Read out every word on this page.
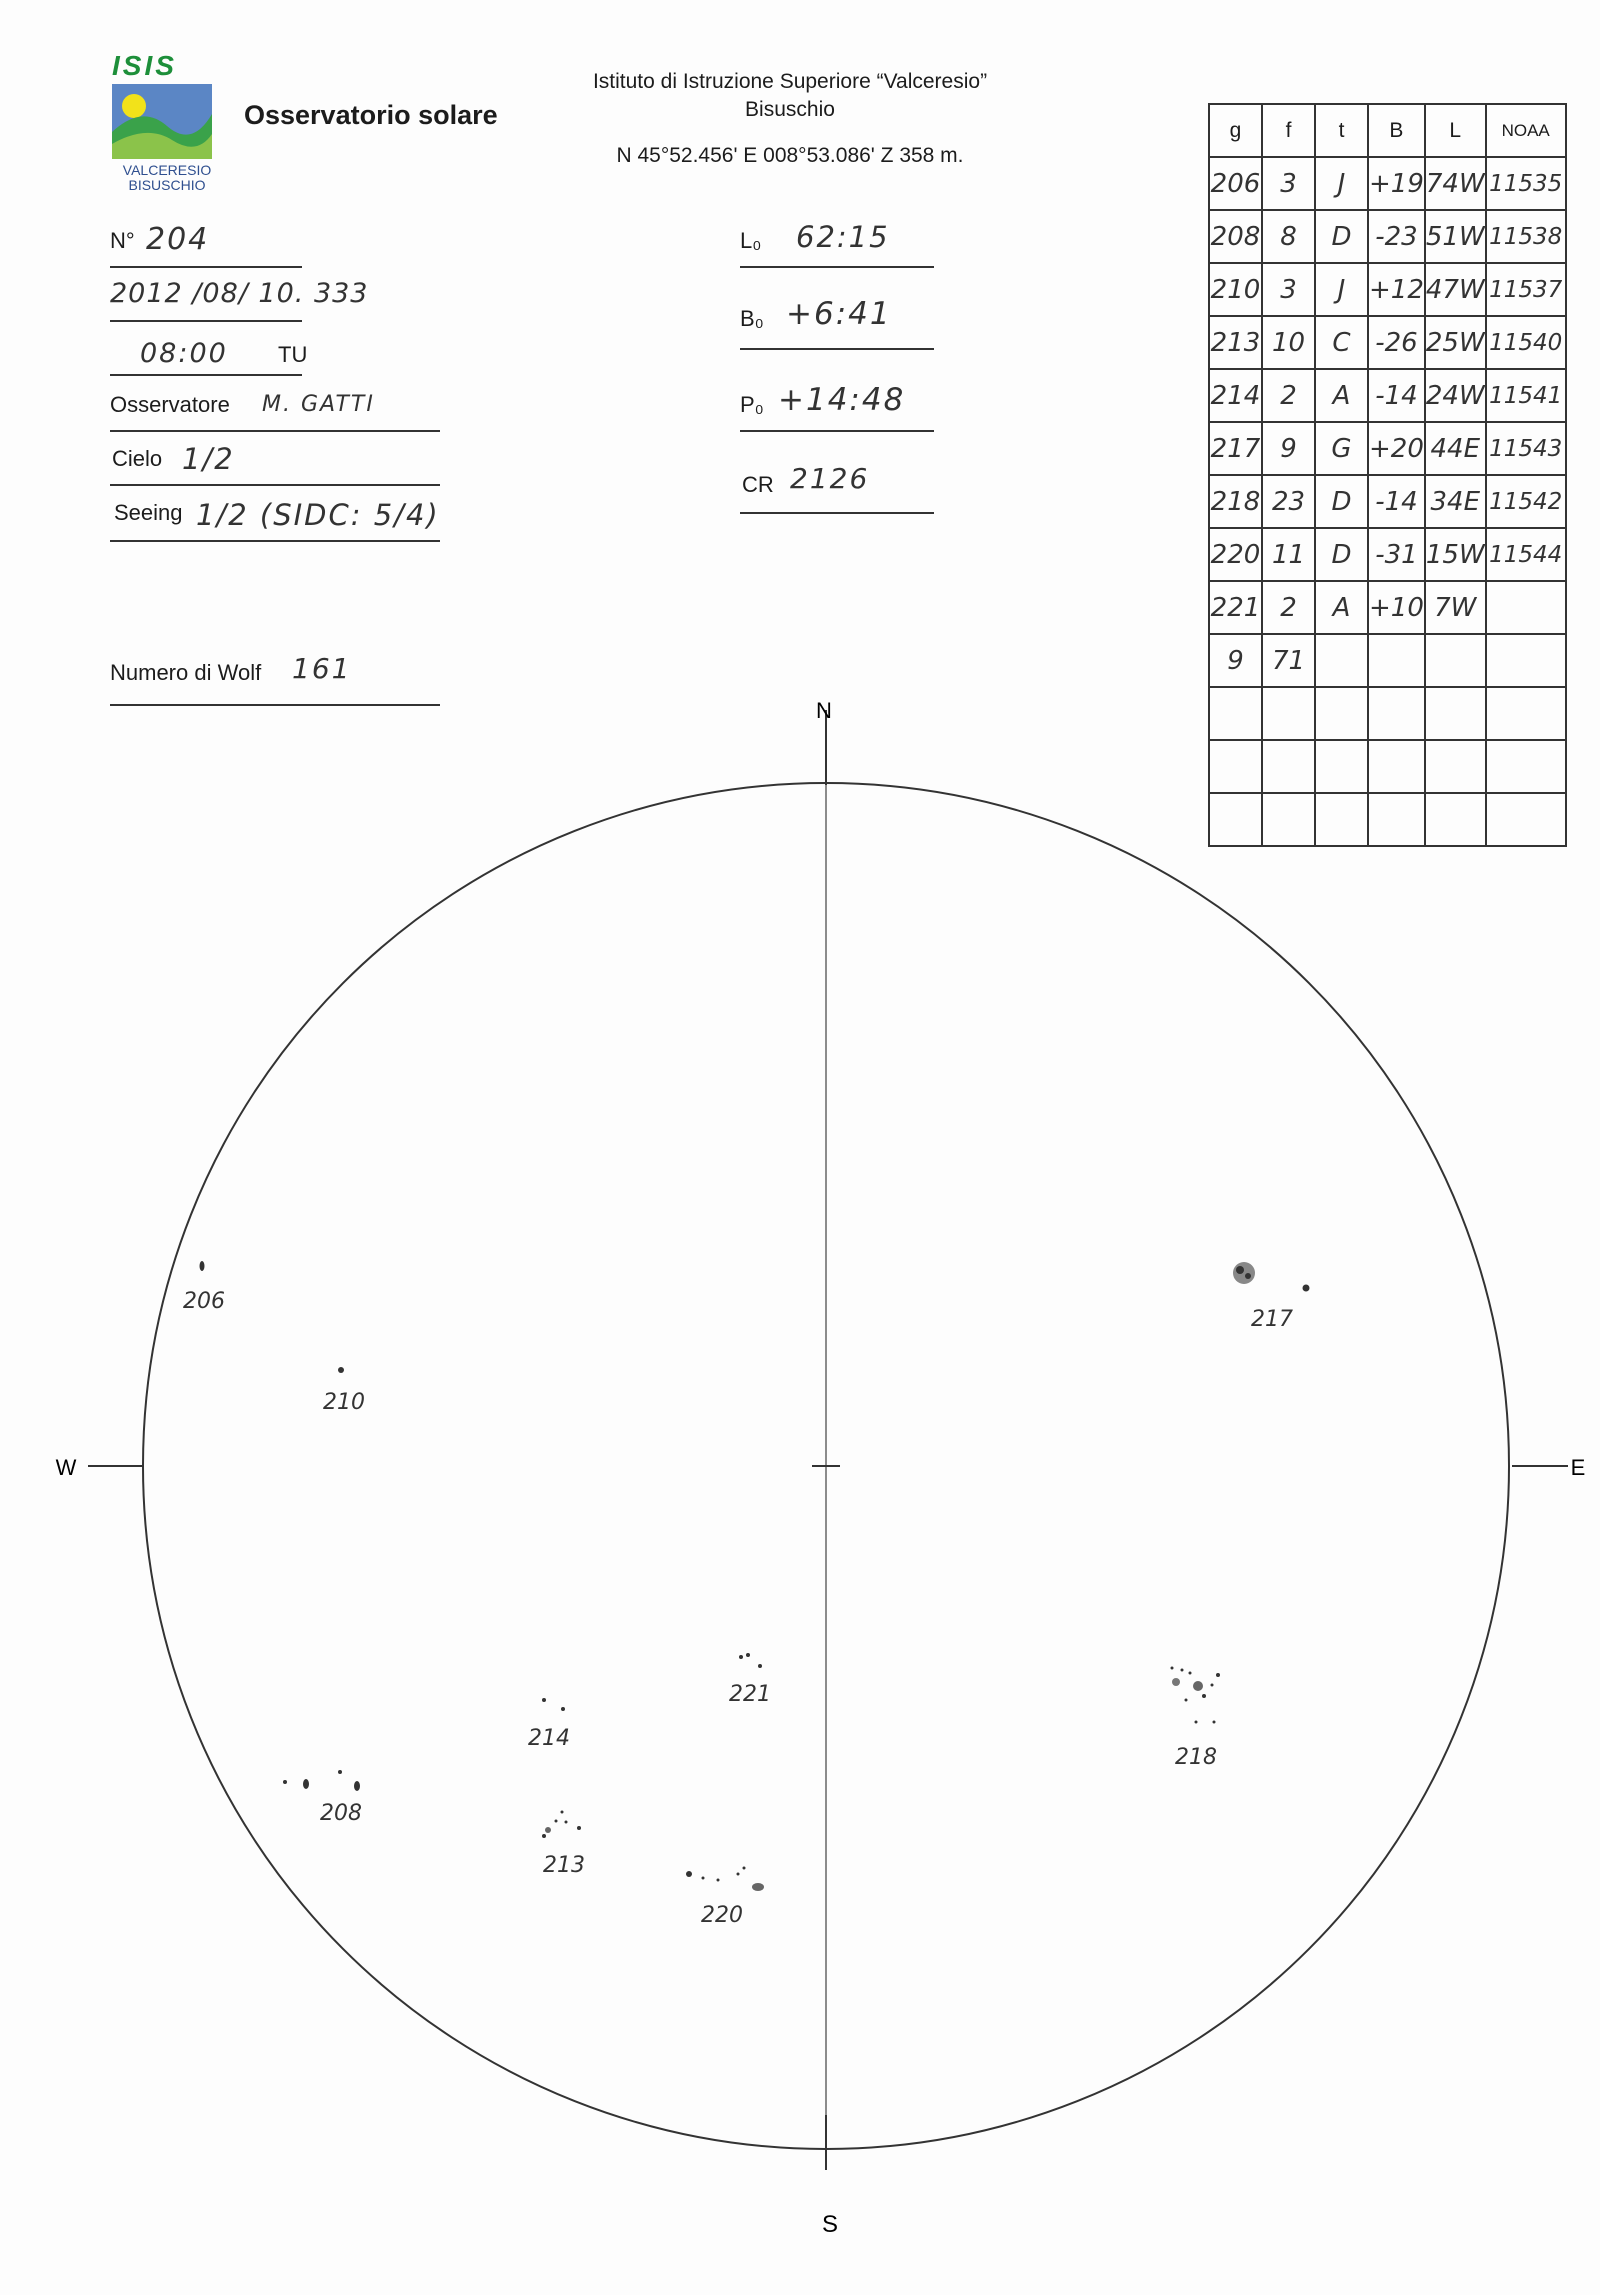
ISIS
VALCERESIO
BISUSCHIO
Osservatorio solare
Istituto di Istruzione Superiore “Valceresio”
Bisuschio
N 45°52.456' E 008°53.086' Z 358 m.
N° 204
2012 /08/ 10. 333
08:00 TU
Osservatore M. GATTI
Cielo 1/2
Seeing 1/2 (SIDC: 5/4)
Numero di Wolf 161
L₀ 62:15
B₀ +6:41
P₀ +14:48
CR 2126
g	f	t	B	L	NOAA
206	3	J	+19	74W	11535
208	8	D	-23	51W	11538
210	3	J	+12	47W	11537
213	10	C	-26	25W	11540
214	2	A	-14	24W	11541
217	9	G	+20	44E	11543
218	23	D	-14	34E	11542
220	11	D	-31	15W	11544
221	2	A	+10	7W	
9	71				

N
S
W	E
206
210
217
221
214
218
208
213
220
